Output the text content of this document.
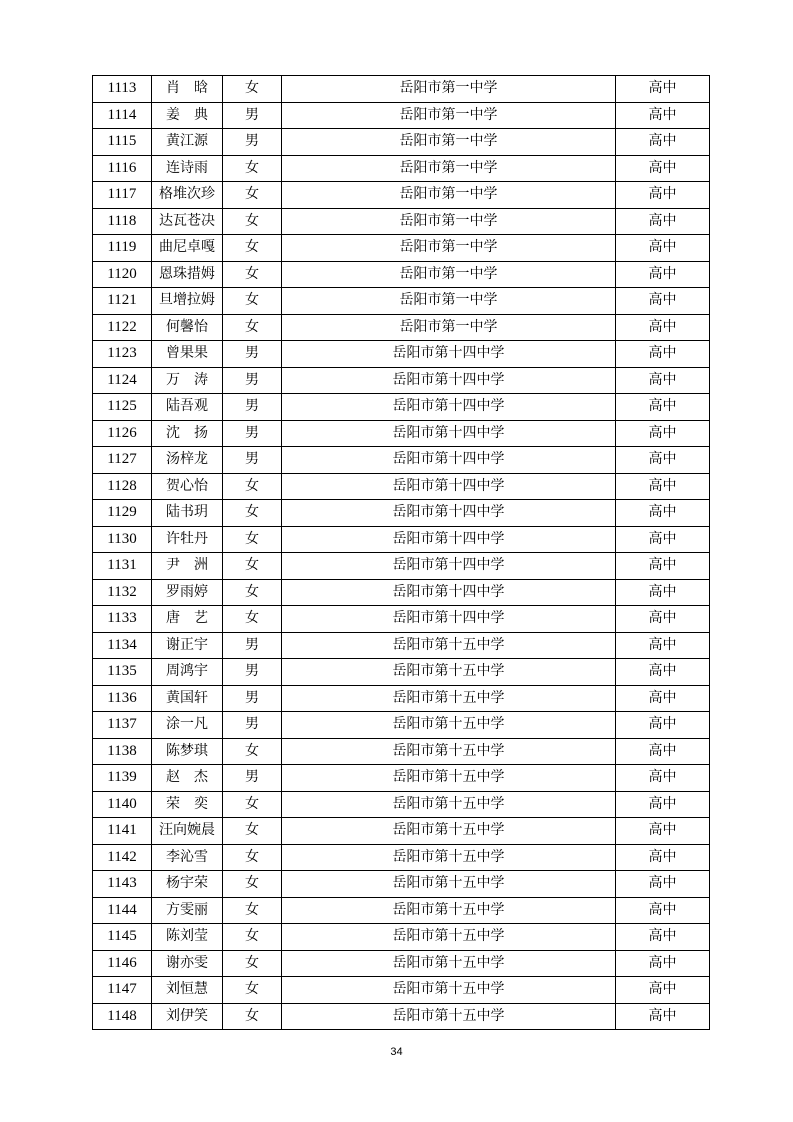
1113	肖　晗	女	岳阳市第一中学	高中
1114	姜　典	男	岳阳市第一中学	高中
1115	黄江源	男	岳阳市第一中学	高中
1116	连诗雨	女	岳阳市第一中学	高中
1117	格堆次珍	女	岳阳市第一中学	高中
1118	达瓦苍决	女	岳阳市第一中学	高中
1119	曲尼卓嘎	女	岳阳市第一中学	高中
1120	恩珠措姆	女	岳阳市第一中学	高中
1121	旦增拉姆	女	岳阳市第一中学	高中
1122	何馨怡	女	岳阳市第一中学	高中
1123	曾果果	男	岳阳市第十四中学	高中
1124	万　涛	男	岳阳市第十四中学	高中
1125	陆吾观	男	岳阳市第十四中学	高中
1126	沈　扬	男	岳阳市第十四中学	高中
1127	汤梓龙	男	岳阳市第十四中学	高中
1128	贺心怡	女	岳阳市第十四中学	高中
1129	陆书玥	女	岳阳市第十四中学	高中
1130	许牡丹	女	岳阳市第十四中学	高中
1131	尹　洲	女	岳阳市第十四中学	高中
1132	罗雨婷	女	岳阳市第十四中学	高中
1133	唐　艺	女	岳阳市第十四中学	高中
1134	谢正宇	男	岳阳市第十五中学	高中
1135	周鸿宇	男	岳阳市第十五中学	高中
1136	黄国轩	男	岳阳市第十五中学	高中
1137	涂一凡	男	岳阳市第十五中学	高中
1138	陈梦琪	女	岳阳市第十五中学	高中
1139	赵　杰	男	岳阳市第十五中学	高中
1140	荣　奕	女	岳阳市第十五中学	高中
1141	汪向婉晨	女	岳阳市第十五中学	高中
1142	李沁雪	女	岳阳市第十五中学	高中
1143	杨宇荣	女	岳阳市第十五中学	高中
1144	方雯丽	女	岳阳市第十五中学	高中
1145	陈刘莹	女	岳阳市第十五中学	高中
1146	谢亦雯	女	岳阳市第十五中学	高中
1147	刘恒慧	女	岳阳市第十五中学	高中
1148	刘伊笑	女	岳阳市第十五中学	高中
34
